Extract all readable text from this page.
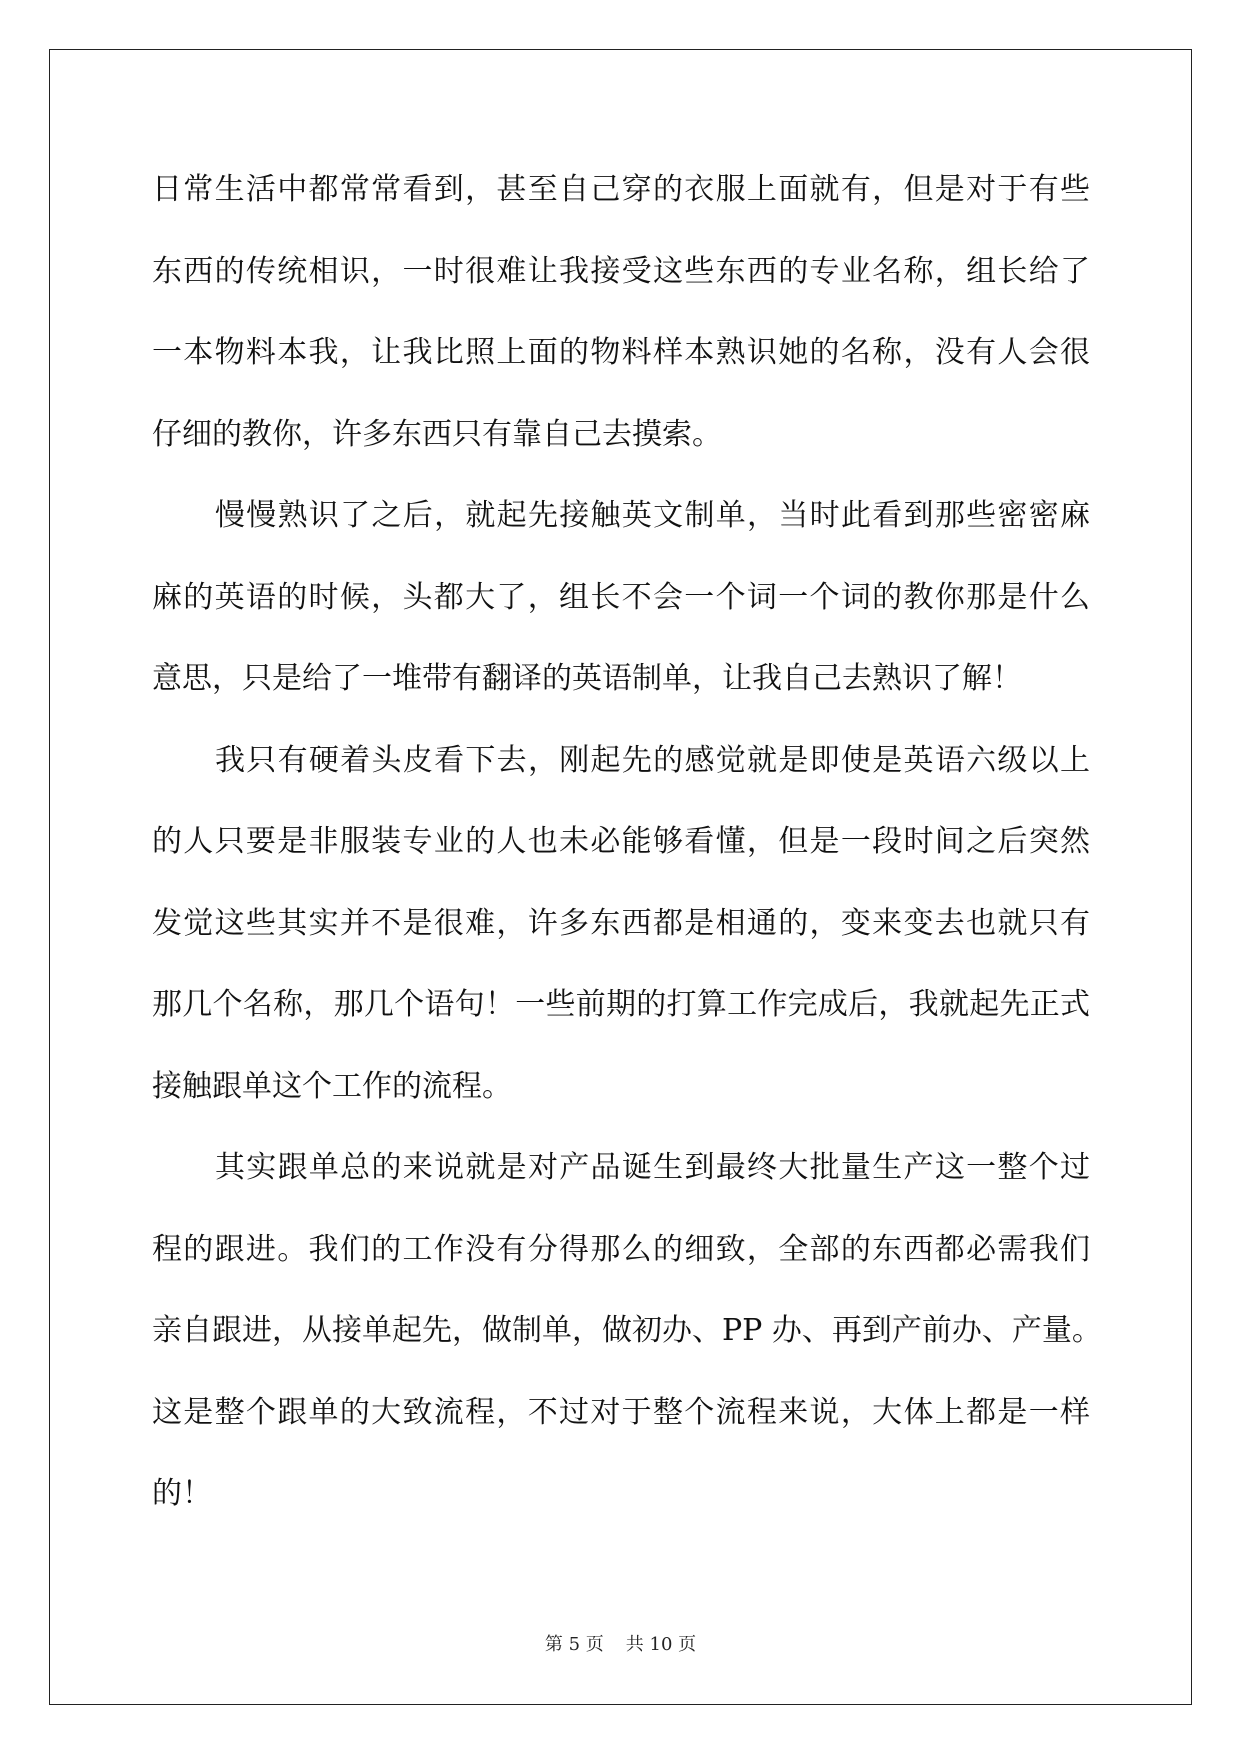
日常生活中都常常看到，甚至自己穿的衣服上面就有，但是对于有些
东西的传统相识，一时很难让我接受这些东西的专业名称，组长给了
一本物料本我，让我比照上面的物料样本熟识她的名称，没有人会很
仔细的教你，许多东西只有靠自己去摸索。
慢慢熟识了之后，就起先接触英文制单，当时此看到那些密密麻
麻的英语的时候，头都大了，组长不会一个词一个词的教你那是什么
意思，只是给了一堆带有翻译的英语制单，让我自己去熟识了解！
我只有硬着头皮看下去，刚起先的感觉就是即使是英语六级以上
的人只要是非服装专业的人也未必能够看懂，但是一段时间之后突然
发觉这些其实并不是很难，许多东西都是相通的，变来变去也就只有
那几个名称，那几个语句！一些前期的打算工作完成后，我就起先正式
接触跟单这个工作的流程。
其实跟单总的来说就是对产品诞生到最终大批量生产这一整个过
程的跟进。我们的工作没有分得那么的细致，全部的东西都必需我们
亲自跟进，从接单起先，做制单，做初办、PP 办、再到产前办、产量。
这是整个跟单的大致流程，不过对于整个流程来说，大体上都是一样
的！
第 5 页 共 10 页
